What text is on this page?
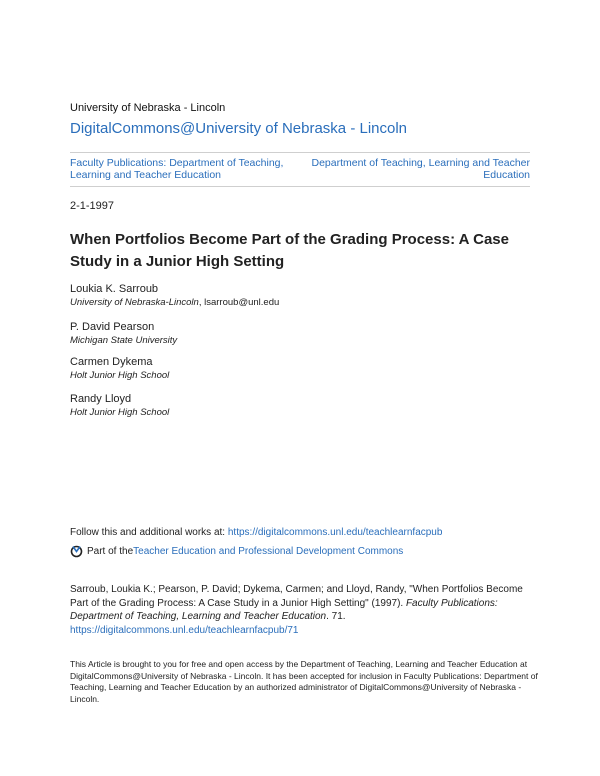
University of Nebraska - Lincoln
DigitalCommons@University of Nebraska - Lincoln
Faculty Publications: Department of Teaching, Learning and Teacher Education
Department of Teaching, Learning and Teacher Education
2-1-1997
When Portfolios Become Part of the Grading Process: A Case Study in a Junior High Setting
Loukia K. Sarroub
University of Nebraska-Lincoln, lsarroub@unl.edu
P. David Pearson
Michigan State University
Carmen Dykema
Holt Junior High School
Randy Lloyd
Holt Junior High School
Follow this and additional works at: https://digitalcommons.unl.edu/teachlearnfacpub
Part of the Teacher Education and Professional Development Commons
Sarroub, Loukia K.; Pearson, P. David; Dykema, Carmen; and Lloyd, Randy, "When Portfolios Become Part of the Grading Process: A Case Study in a Junior High Setting" (1997). Faculty Publications: Department of Teaching, Learning and Teacher Education. 71.
https://digitalcommons.unl.edu/teachlearnfacpub/71
This Article is brought to you for free and open access by the Department of Teaching, Learning and Teacher Education at DigitalCommons@University of Nebraska - Lincoln. It has been accepted for inclusion in Faculty Publications: Department of Teaching, Learning and Teacher Education by an authorized administrator of DigitalCommons@University of Nebraska - Lincoln.
